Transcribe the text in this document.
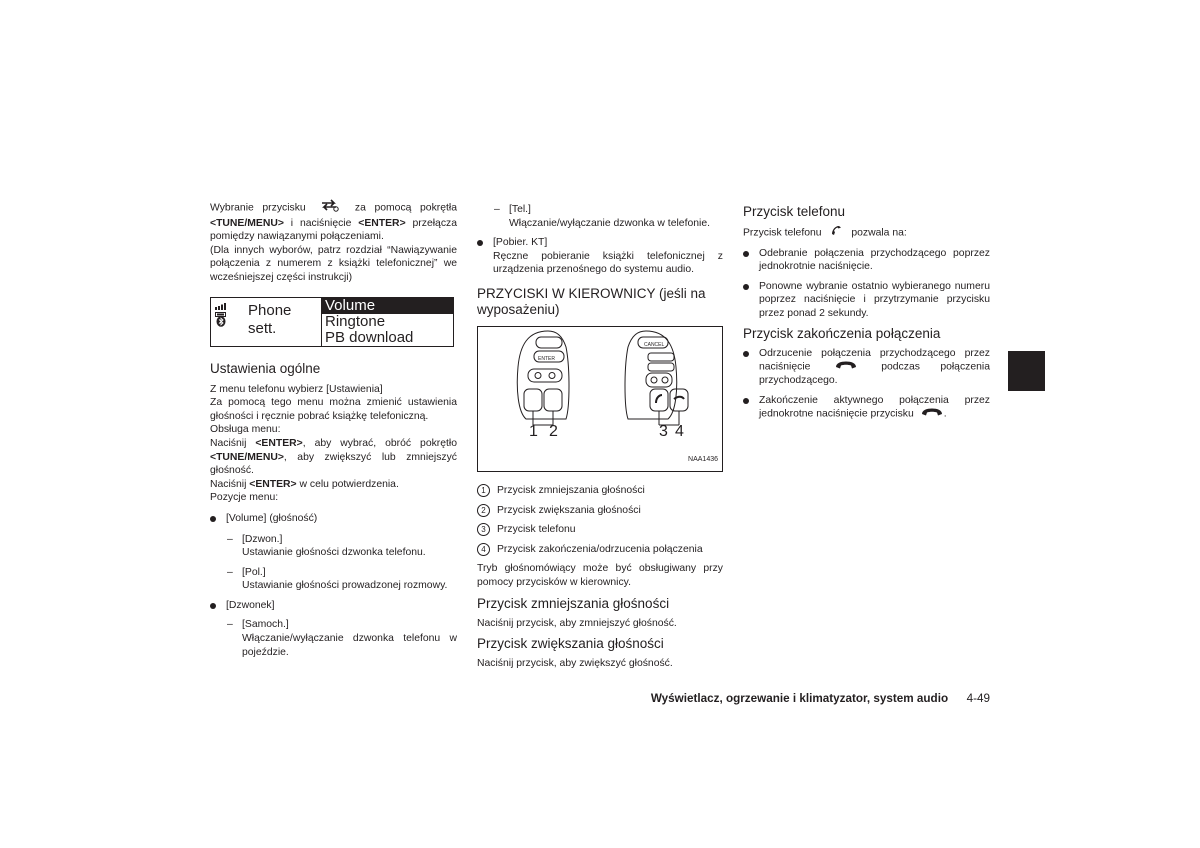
Wybranie przycisku	za pomocą pokrętła <TUNE/MENU> i naciśnięcie <ENTER> przełącza pomiędzy nawiązanymi połączeniami.

(Dla innych wyborów, patrz rozdział “Nawiązywanie połączenia z numerem z książki telefonicznej” we wcześniejszej części instrukcji)

Phone
sett.
Volume
Ringtone
PB download

Ustawienia ogólne

Z menu telefonu wybierz [Ustawienia]

Za pomocą tego menu można zmienić ustawienia głośności i ręcznie pobrać książkę telefoniczną.

Obsługa menu:

Naciśnij <ENTER>, aby wybrać, obróć pokrętło <TUNE/MENU>, aby zwiększyć lub zmniejszyć głośność.

Naciśnij <ENTER> w celu potwierdzenia.

Pozycje menu:

[Volume] (głośność)

– [Dzwon.]
Ustawianie głośności dzwonka telefonu.
– [Pol.]
Ustawianie głośności prowadzonej rozmowy.

[Dzwonek]

– [Samoch.]
Włączanie/wyłączanie dzwonka telefonu w pojeździe.
– [Tel.]
Włączanie/wyłączanie dzwonka w telefonie.
[Pobier. KT]
Ręczne pobieranie książki telefonicznej z urządzenia przenośnego do systemu audio.

PRZYCISKI W KIEROWNICY (jeśli na wyposażeniu)

ENTER
CANCEL
1 2	3 4
NAA1436
1	Przycisk zmniejszania głośności
2	Przycisk zwiększania głośności
3	Przycisk telefonu
4	Przycisk zakończenia/odrzucenia połączenia

Tryb głośnomówiący może być obsługiwany przy pomocy przycisków w kierownicy.

Przycisk zmniejszania głośności

Naciśnij przycisk, aby zmniejszyć głośność.

Przycisk zwiększania głośności

Naciśnij przycisk, aby zwiększyć głośność.

Przycisk telefonu

Przycisk telefonu	pozwala na:

Odebranie połączenia przychodzącego poprzez jednokrotnie naciśnięcie.

Ponowne wybranie ostatnio wybieranego numeru poprzez naciśnięcie i przytrzymanie przycisku przez ponad 2 sekundy.

Przycisk zakończenia połączenia

Odrzucenie połączenia przychodzącego przez naciśnięcie	podczas połączenia przychodzącego.

Zakończenie aktywnego połączenia przez jednokrotne naciśnięcie przycisku	.

Wyświetlacz, ogrzewanie i klimatyzator, system audio 4-49
